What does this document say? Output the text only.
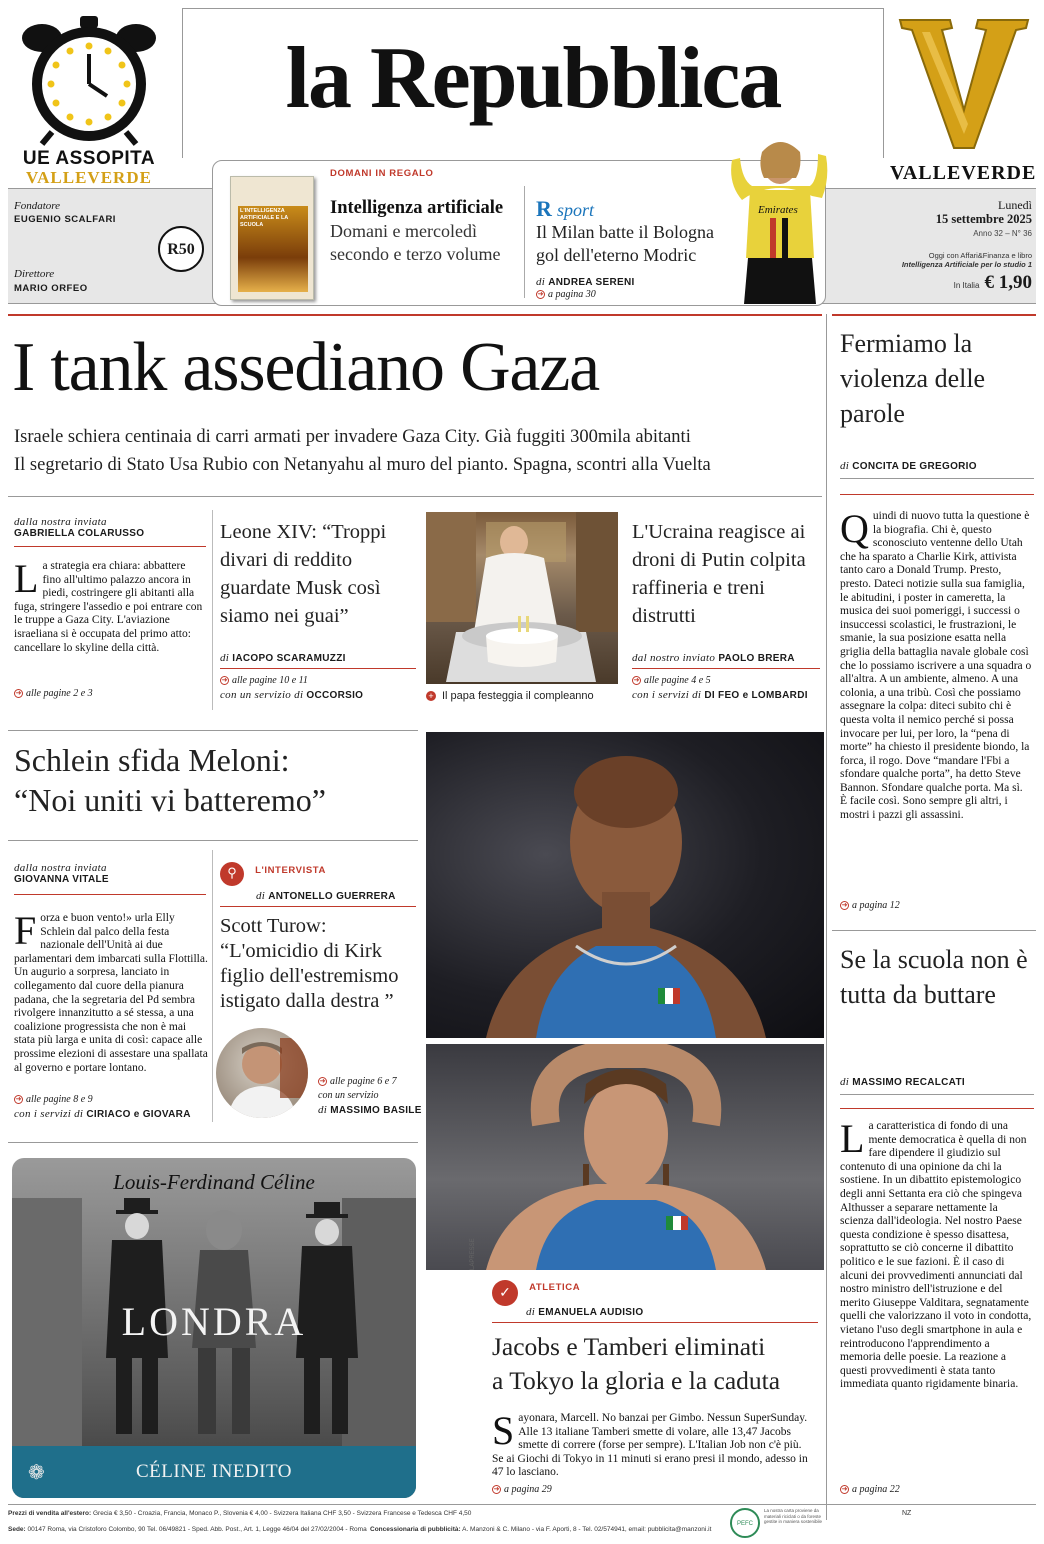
UE ASSOPITA
VALLEVERDE
la Repubblica
VALLEVERDE
Fondatore
EUGENIO SCALFARI
Direttore
MARIO ORFEO
R50
DOMANI IN REGALO
L'INTELLIGENZA ARTIFICIALE E LA SCUOLA
Intelligenza artificiale
Domani e mercoledì
secondo e terzo volume
R sport
Il Milan batte il Bologna
gol dell'eterno Modric
di ANDREA SERENI
➜ a pagina 30
Emirates	Lunedì
15 settembre 2025
Anno 32 – N° 36
Oggi con Affari&Finanza e libro
Intelligenza Artificiale per lo studio 1
In Italia € 1,90
I tank assediano Gaza
Israele schiera centinaia di carri armati per invadere Gaza City. Già fuggiti 300mila abitanti
Il segretario di Stato Usa Rubio con Netanyahu al muro del pianto. Spagna, scontri alla Vuelta
dalla nostra inviata
GABRIELLA COLARUSSO
La strategia era chiara: abbattere fino all'ultimo palazzo ancora in piedi, costringere gli abitanti alla fuga, stringere l'assedio e poi entrare con le truppe a Gaza City. L'aviazione israeliana si è occupata del primo atto: cancellare lo skyline della città.
➜ alle pagine 2 e 3
Leone XIV: “Troppi divari di reddito guardate Musk così siamo nei guai”
di IACOPO SCARAMUZZI
➜ alle pagine 10 e 11
con un servizio di OCCORSIO	+ Il papa festeggia il compleanno
L'Ucraina reagisce ai droni di Putin colpita raffineria e treni distrutti
dal nostro inviato PAOLO BRERA
➜ alle pagine 4 e 5
con i servizi di DI FEO e LOMBARDI
Fermiamo la violenza delle parole
di CONCITA DE GREGORIO
Quindi di nuovo tutta la questione è la biografia. Chi è, questo sconosciuto ventenne dello Utah che ha sparato a Charlie Kirk, attivista tanto caro a Donald Trump. Presto, presto. Dateci notizie sulla sua famiglia, le abitudini, i poster in cameretta, la musica dei suoi pomeriggi, i successi o insuccessi scolastici, le frustrazioni, le smanie, la sua posizione esatta nella griglia della battaglia navale globale così che lo possiamo iscrivere a una squadra o all'altra. A un ambiente, almeno. A una colonia, a una tribù. Così che possiamo assegnare la colpa: diteci subito chi è questa volta il nemico perché si possa invocare per lui, per loro, la “pena di morte” ha chiesto il presidente biondo, la forca, il rogo. Dove “mandare l'Fbi a sfondare qualche porta”, ha detto Steve Bannon. Sfondare qualche porta. Ma sì. È facile così. Sono sempre gli altri, i mostri i pazzi gli assassini.
➜ a pagina 12
Schlein sfida Meloni:
“Noi uniti vi batteremo”
dalla nostra inviata
GIOVANNA VITALE
Forza e buon vento!» urla Elly Schlein dal palco della festa nazionale dell'Unità ai due parlamentari dem imbarcati sulla Flottilla. Un augurio a sorpresa, lanciato in collegamento dal cuore della pianura padana, che la segretaria del Pd sembra rivolgere innanzitutto a sé stessa, a una coalizione progressista che non è mai stata più larga e unita di così: capace alle prossime elezioni di assestare una spallata al governo e portare lontano.
➜ alle pagine 8 e 9
con i servizi di CIRIACO e GIOVARA
⚲ $^{L'INTERVISTA}$
di ANTONELLO GUERRERA
Scott Turow: “L'omicidio di Kirk figlio dell'estremismo istigato dalla destra ”
➜ alle pagine 6 e 7
con un servizio
di MASSIMO BASILE
LAPRESSE
✓ $^{ATLETICA}$
di EMANUELA AUDISIO
Jacobs e Tamberi eliminati
a Tokyo la gloria e la caduta
Sayonara, Marcell. No banzai per Gimbo. Nessun SuperSunday. Alle 13 italiane Tamberi smette di volare, alle 13,47 Jacobs smette di correre (forse per sempre). L'Italian Job non c'è più. Se ai Giochi di Tokyo in 11 minuti si erano presi il mondo, adesso in 47 lo lasciano.
➜ a pagina 29
Louis-Ferdinand Céline
LONDRA
❁	CÉLINE INEDITO
Se la scuola non è tutta da buttare
di MASSIMO RECALCATI
La caratteristica di fondo di una mente democratica è quella di non fare dipendere il giudizio sul contenuto di una opinione da chi la sostiene. In un dibattito epistemologico degli anni Settanta era ciò che spingeva Althusser a separare nettamente la scienza dall'ideologia. Nel nostro Paese questa condizione è spesso disattesa, soprattutto se ciò concerne il dibattito politico e le sue fazioni. È il caso di alcuni dei provvedimenti annunciati dal nostro ministro dell'istruzione e del merito Giuseppe Valditara, segnatamente quelli che valorizzano il voto in condotta, vietano l'uso degli smartphone in aula e reintroducono l'apprendimento a memoria delle poesie. La reazione a questi provvedimenti è stata tanto immediata quanto rigidamente binaria.
➜ a pagina 22
Prezzi di vendita all'estero: Grecia € 3,50 - Croazia, Francia, Monaco P., Slovenia € 4,00 - Svizzera Italiana CHF 3,50 - Svizzera Francese e Tedesca CHF 4,50
Sede: 00147 Roma, via Cristoforo Colombo, 90 Tel. 06/49821 - Sped. Abb. Post., Art. 1, Legge 46/04 del 27/02/2004 - Roma Concessionaria di pubblicità: A. Manzoni & C. Milano - via F. Aporti, 8 - Tel. 02/574941, email: pubblicita@manzoni.it
PEFC
La nostra carta proviene da materiali riciclati o da foreste gestite in maniera sostenibile
NZ
